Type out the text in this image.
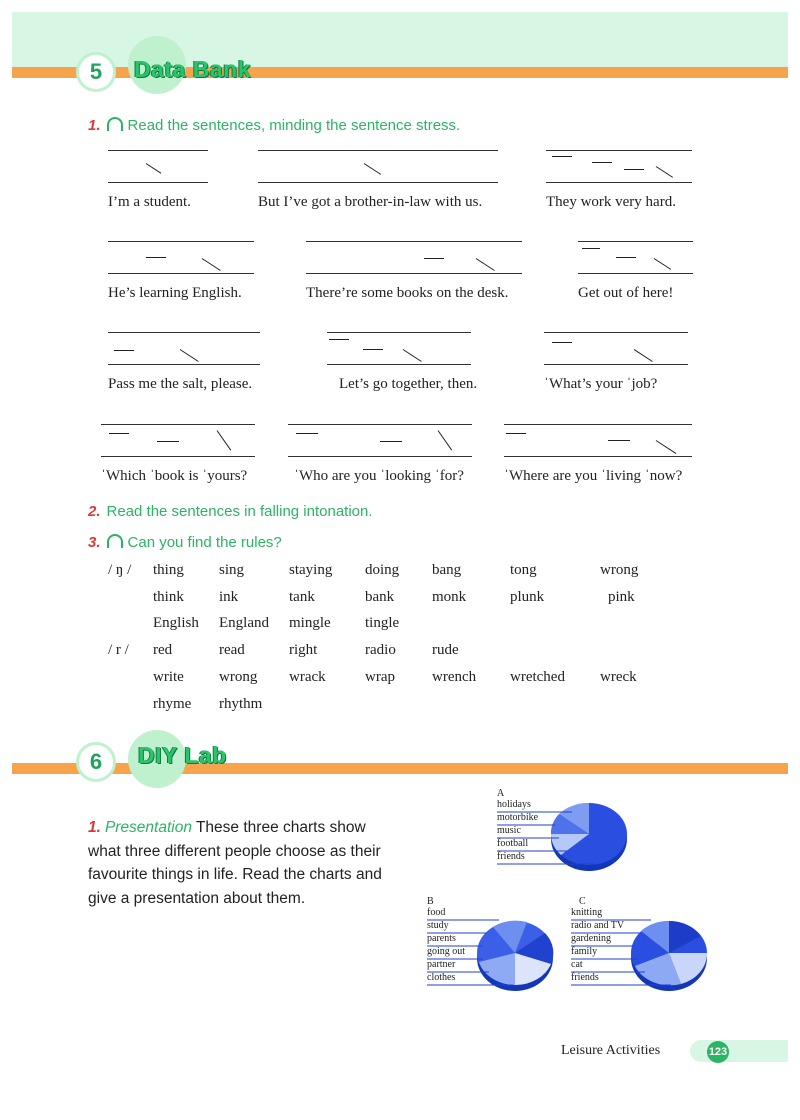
5	Data Bank
1. Read the sentences, minding the sentence stress.
I’m a student.	But I’ve got a brother-in-law with us.	They work very hard.
He’s learning English.	There’re some books on the desk.	Get out of here!
Pass me the salt, please.	Let’s go together, then.	ˈWhat’s your ˈjob?
ˈWhich ˈbook is ˈyours?	ˈWho are you ˈlooking ˈfor?	ˈWhere are you ˈliving ˈnow?
2. Read the sentences in falling intonation.
3. Can you find the rules?
/ ŋ / thing sing	staying doing bang	tong	wrong
think ink	tank	bank	monk	plunk	pink
English England mingle tingle
/ r / red	read	right	radio rude
write wrong wrack	wrap wrench wretched wreck
rhyme rhythm
6	DIY Lab
1. Presentation These three charts show what three different people choose as their favourite things in life. Read the charts and give a presentation about them.
A
holidays
motorbike
music
football
friends
B
food
study
parents
going out
partner
clothes
C
knitting
radio and TV
gardening
family
cat
friends
Leisure Activities	123
